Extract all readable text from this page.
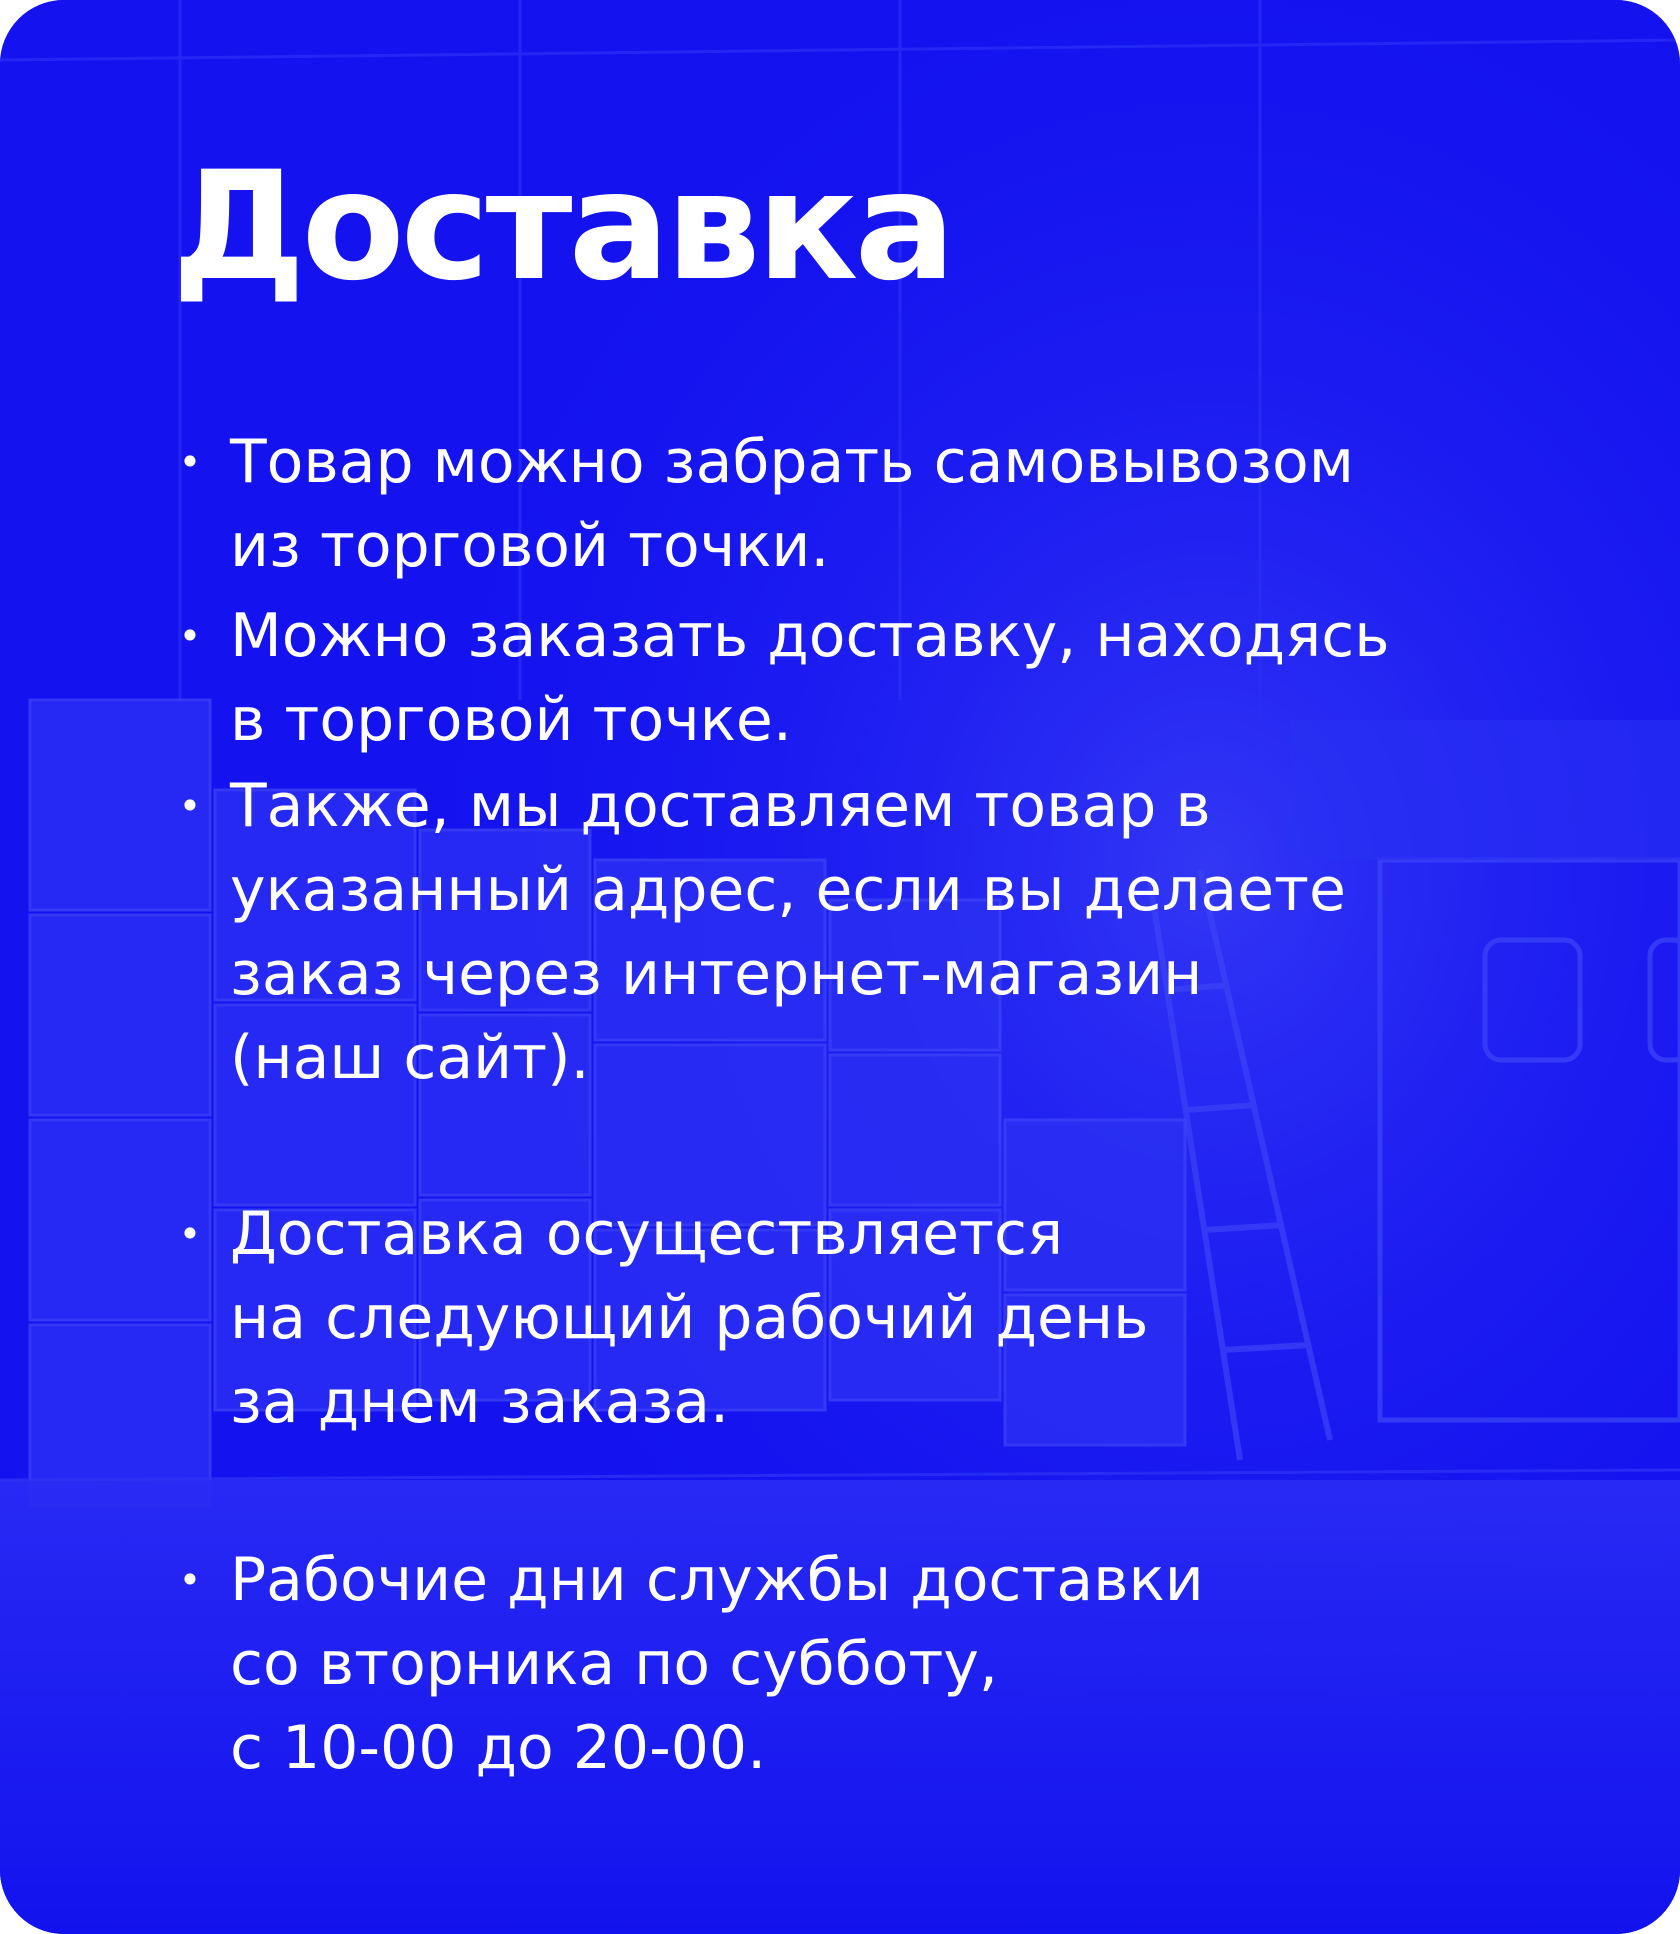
Доставка
• Товар можно забрать самовывозом
из торговой точки.
• Можно заказать доставку, находясь
в торговой точке.
• Также, мы доставляем товар в
указанный адрес, если вы делаете
заказ через интернет-магазин
(наш сайт).
• Доставка осуществляется
на следующий рабочий день
за днем заказа.
• Рабочие дни службы доставки
со вторника по субботу,
с 10-00 до 20-00.
